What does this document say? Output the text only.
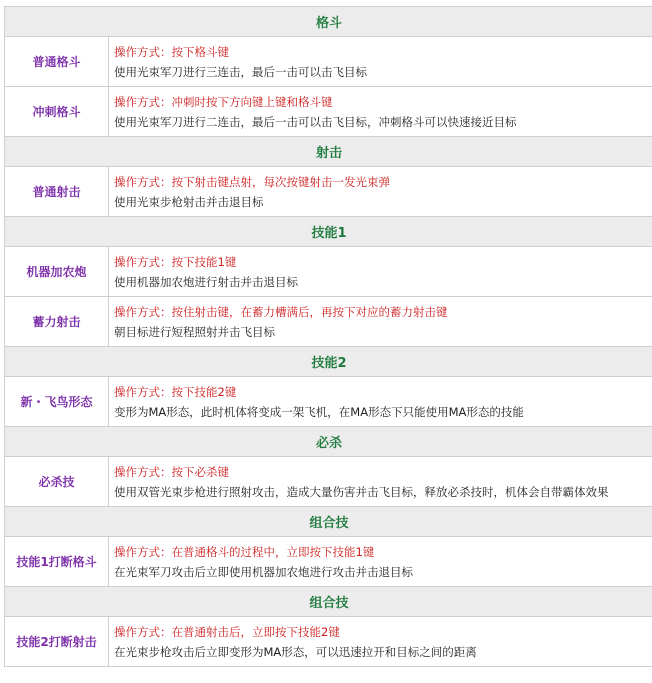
格斗
普通格斗
操作方式：按下格斗键
使用光束军刀进行三连击，最后一击可以击飞目标
冲刺格斗
操作方式：冲刺时按下方向键上键和格斗键
使用光束军刀进行二连击，最后一击可以击飞目标，冲刺格斗可以快速接近目标
射击
普通射击
操作方式：按下射击键点射，每次按键射击一发光束弹
使用光束步枪射击并击退目标
技能1
机器加农炮
操作方式：按下技能1键
使用机器加农炮进行射击并击退目标
蓄力射击
操作方式：按住射击键，在蓄力槽满后，再按下对应的蓄力射击键
朝目标进行短程照射并击飞目标
技能2
新・飞鸟形态
操作方式：按下技能2键
变形为MA形态，此时机体将变成一架飞机，在MA形态下只能使用MA形态的技能
必杀
必杀技
操作方式：按下必杀键
使用双管光束步枪进行照射攻击，造成大量伤害并击飞目标，释放必杀技时，机体会自带霸体效果
组合技
技能1打断格斗
操作方式：在普通格斗的过程中，立即按下技能1键
在光束军刀攻击后立即使用机器加农炮进行攻击并击退目标
组合技
技能2打断射击
操作方式：在普通射击后，立即按下技能2键
在光束步枪攻击后立即变形为MA形态，可以迅速拉开和目标之间的距离
